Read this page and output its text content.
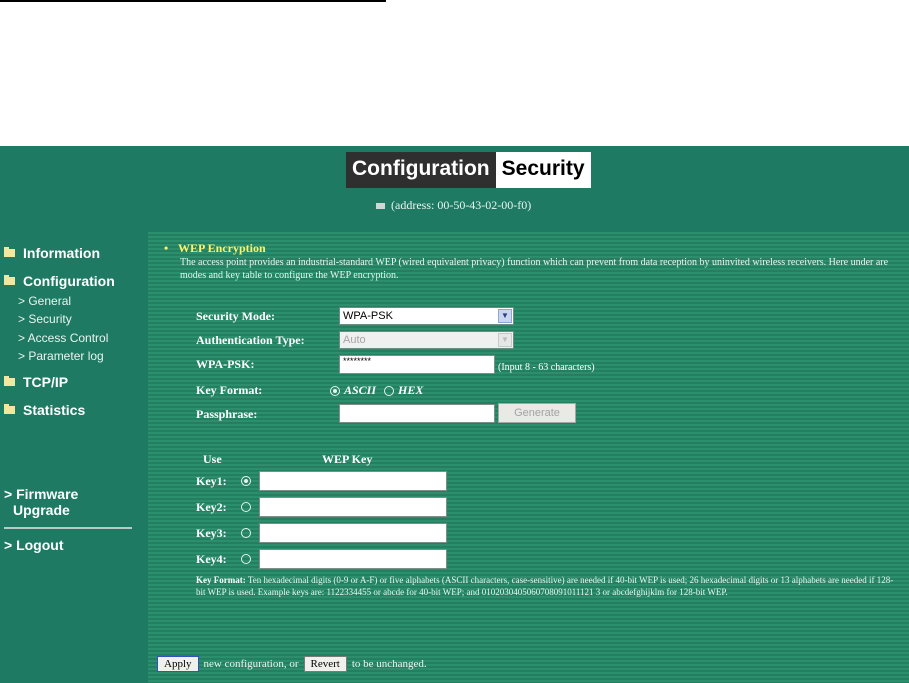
Configuration Security
(address: 00-50-43-02-00-f0)
Information
Configuration
> General
> Security
> Access Control
> Parameter log
TCP/IP
Statistics
> Firmware
Upgrade
> Logout
• WEP Encryption
The access point provides an industrial-standard WEP (wired equivalent privacy) function which can prevent from data reception by uninvited wireless receivers. Here under are modes and key table to configure the WEP encryption.
Security Mode:	WPA-PSK	▼
Authentication Type:	Auto	▼
WPA-PSK:	********
(Input 8 - 63 characters)
Key Format:	ASCII HEX
Passphrase:	Generate
Use	WEP Key
Key1:
Key2:
Key3:
Key4:
Key Format: Ten hexadecimal digits (0-9 or A-F) or five alphabets (ASCII characters, case-sensitive) are needed if 40-bit WEP is used; 26 hexadecimal digits or 13 alphabets are needed if 128-bit WEP is used. Example keys are: 1122334455 or abcde for 40-bit WEP; and 0102030405060708091011121 3 or abcdefghijklm for 128-bit WEP.
Apply	new configuration, or	Revert	to be unchanged.
